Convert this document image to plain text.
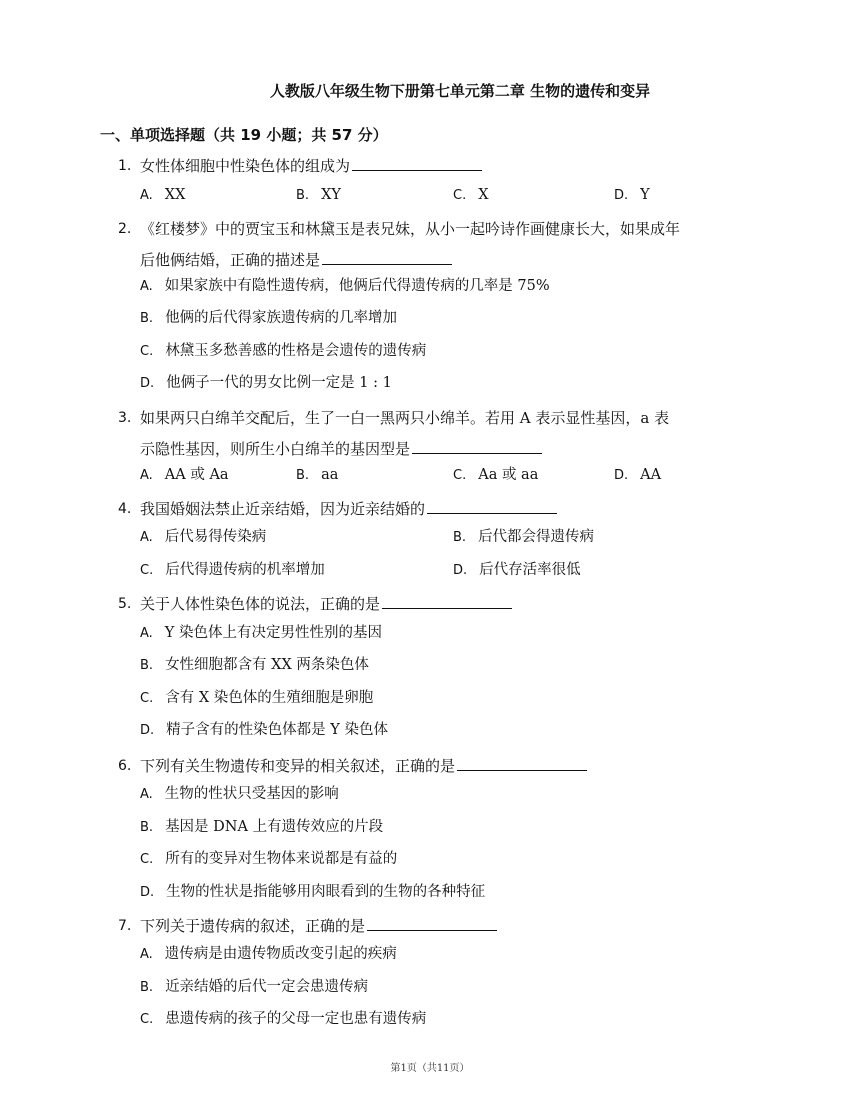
人教版八年级生物下册第七单元第二章 生物的遗传和变异
一、单项选择题（共 19 小题；共 57 分）
1. 女性体细胞中性染色体的组成为
A. XX	B. XY	C. X	D. Y
2. 《红楼梦》中的贾宝玉和林黛玉是表兄妹，从小一起吟诗作画健康长大，如果成年
后他俩结婚，正确的描述是
A. 如果家族中有隐性遗传病，他俩后代得遗传病的几率是 75%
B. 他俩的后代得家族遗传病的几率增加
C. 林黛玉多愁善感的性格是会遗传的遗传病
D. 他俩子一代的男女比例一定是 1 : 1
3. 如果两只白绵羊交配后，生了一白一黑两只小绵羊。若用 A 表示显性基因，a 表
示隐性基因，则所生小白绵羊的基因型是
A. AA 或 Aa	B. aa	C. Aa 或 aa	D. AA
4. 我国婚姻法禁止近亲结婚，因为近亲结婚的
A. 后代易得传染病	B. 后代都会得遗传病
C. 后代得遗传病的机率增加	D. 后代存活率很低
5. 关于人体性染色体的说法，正确的是
A. Y 染色体上有决定男性性别的基因
B. 女性细胞都含有 XX 两条染色体
C. 含有 X 染色体的生殖细胞是卵胞
D. 精子含有的性染色体都是 Y 染色体
6. 下列有关生物遗传和变异的相关叙述，正确的是
A. 生物的性状只受基因的影响
B. 基因是 DNA 上有遗传效应的片段
C. 所有的变异对生物体来说都是有益的
D. 生物的性状是指能够用肉眼看到的生物的各种特征
7. 下列关于遗传病的叙述，正确的是
A. 遗传病是由遗传物质改变引起的疾病
B. 近亲结婚的后代一定会患遗传病
C. 患遗传病的孩子的父母一定也患有遗传病
第1页（共11页）
